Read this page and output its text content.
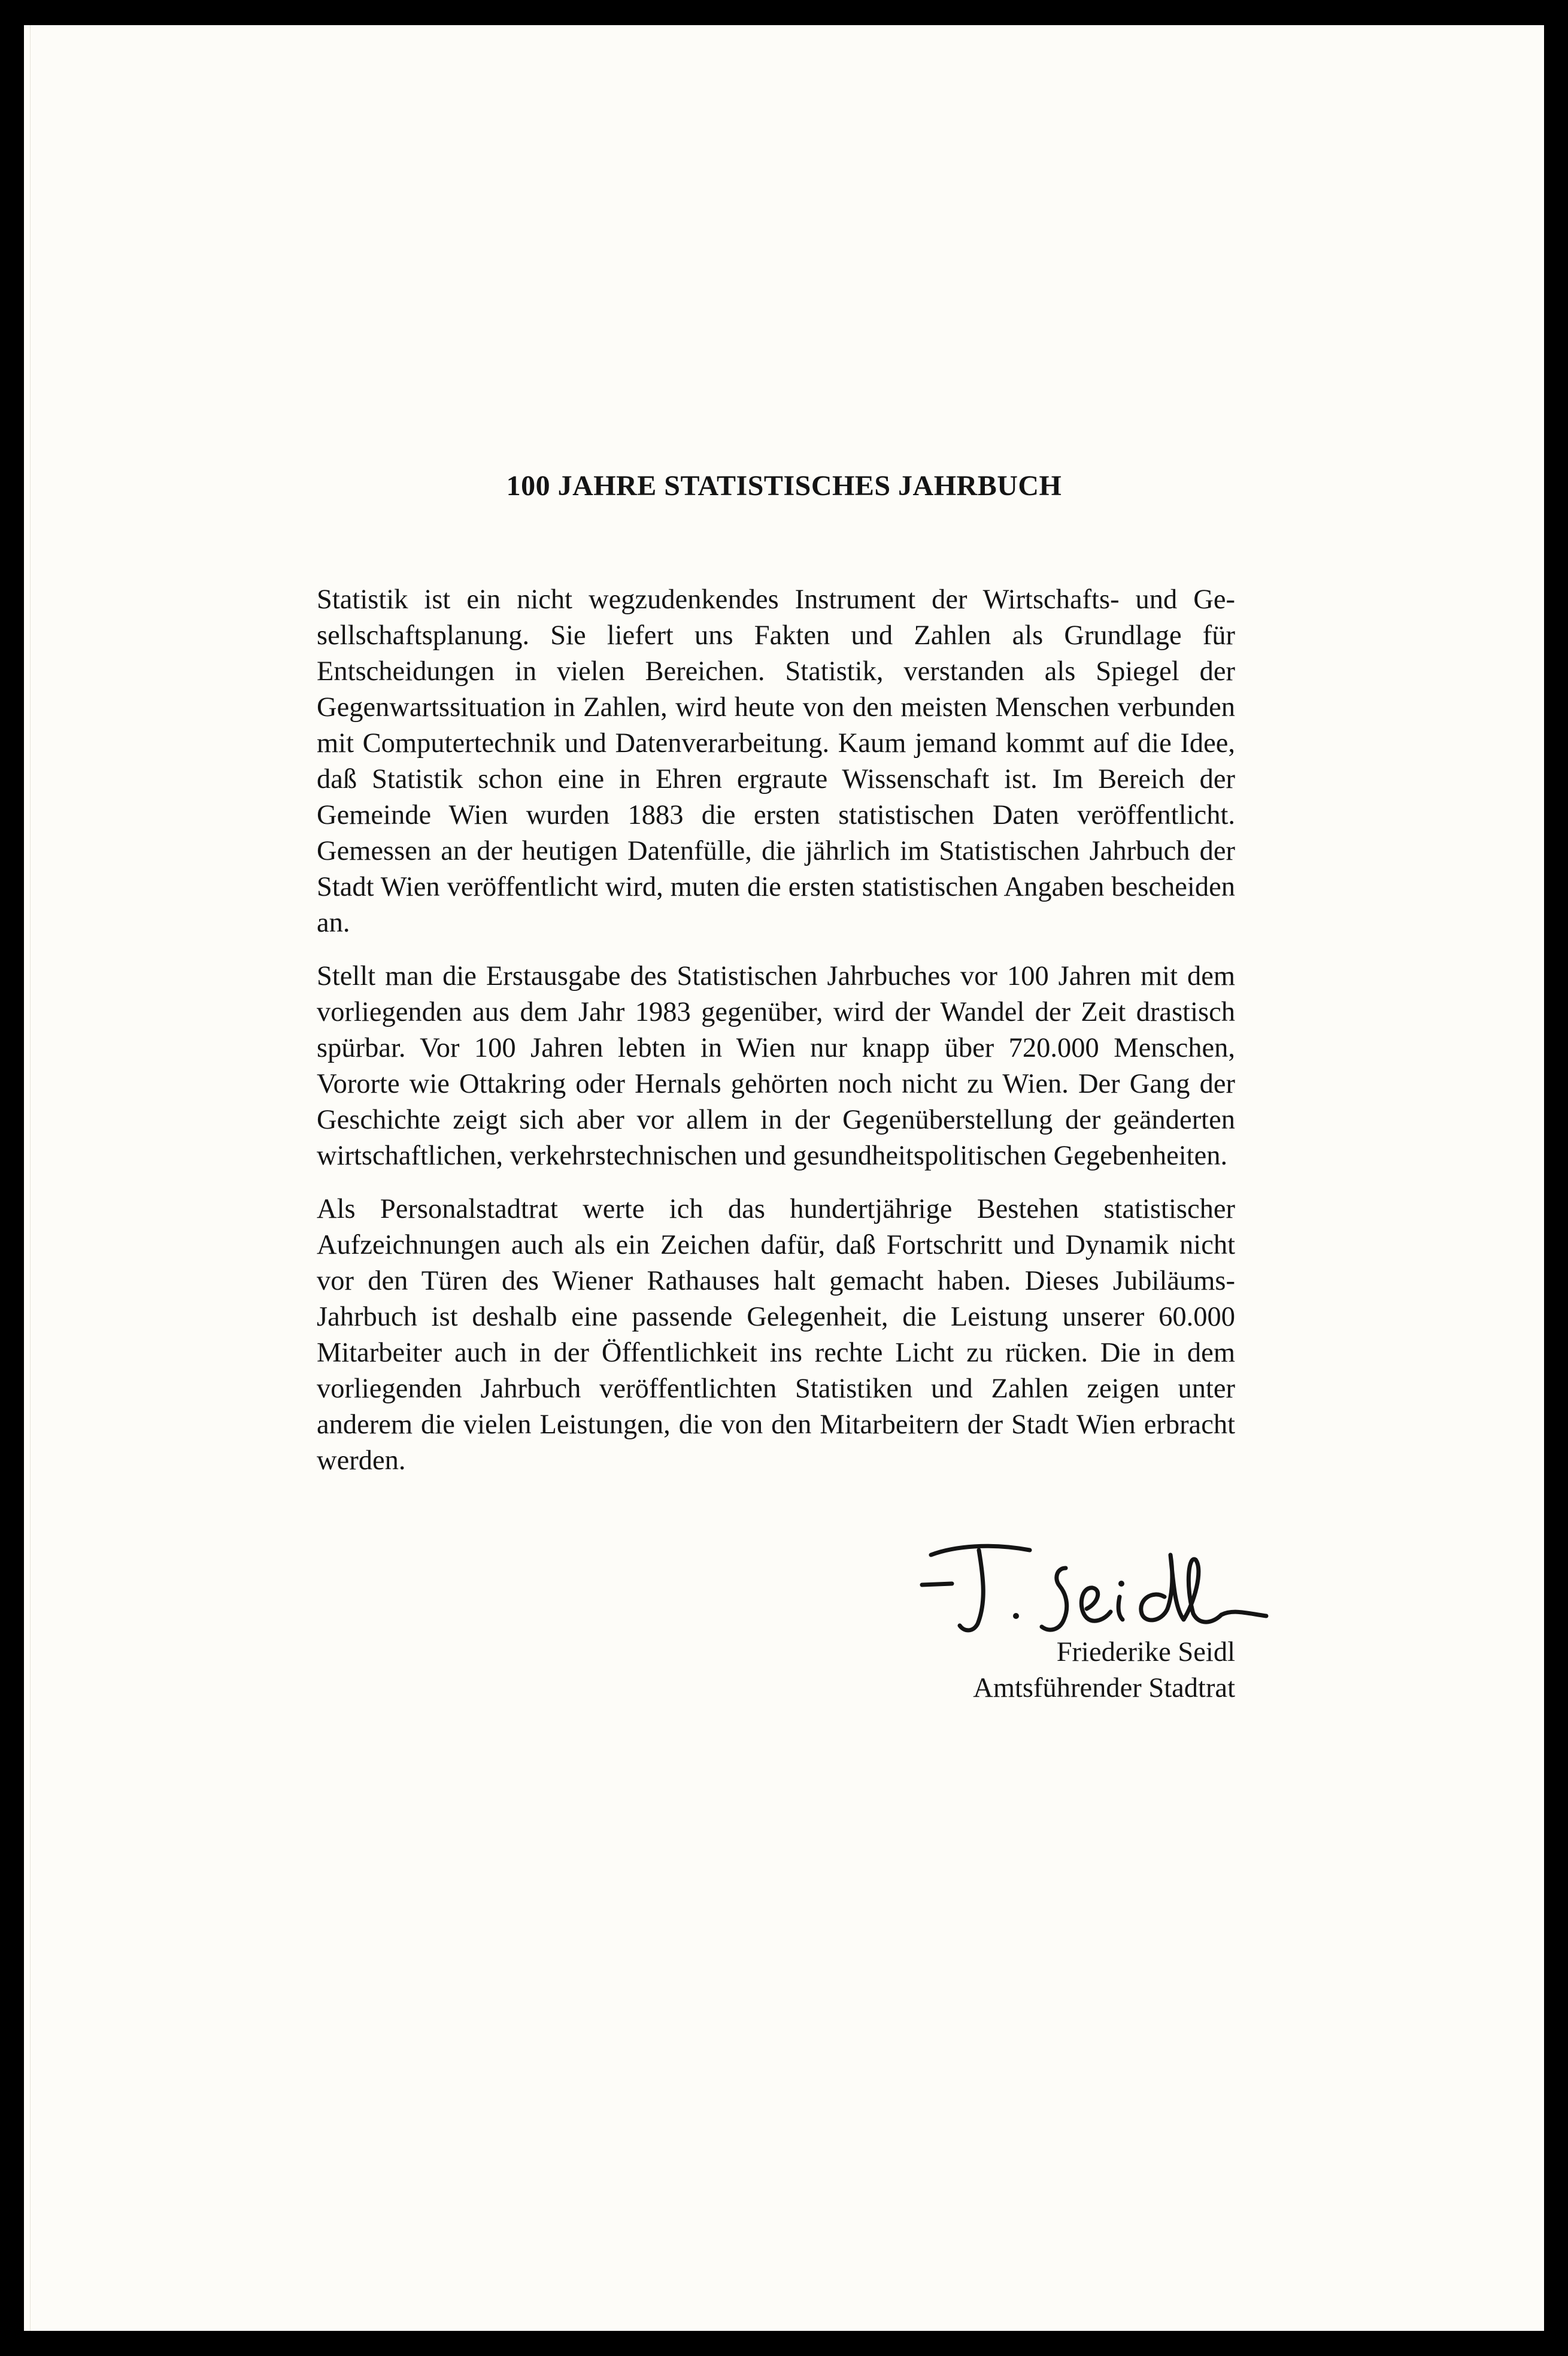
100 JAHRE STATISTISCHES JAHRBUCH

Statistik ist ein nicht wegzudenkendes Instrument der Wirtschafts- und Gesellschaftsplanung. Sie liefert uns Fakten und Zahlen als Grundlage für Entscheidungen in vielen Bereichen. Statistik, verstanden als Spiegel der Gegenwartssituation in Zahlen, wird heute von den meisten Menschen verbunden mit Computertechnik und Datenverarbeitung. Kaum jemand kommt auf die Idee, daß Statistik schon eine in Ehren ergraute Wissenschaft ist. Im Bereich der Gemeinde Wien wurden 1883 die ersten statistischen Daten veröffentlicht. Gemessen an der heutigen Datenfülle, die jährlich im Statistischen Jahrbuch der Stadt Wien veröffentlicht wird, muten die ersten statistischen Angaben bescheiden an.

Stellt man die Erstausgabe des Statistischen Jahrbuches vor 100 Jahren mit dem vorliegenden aus dem Jahr 1983 gegenüber, wird der Wandel der Zeit drastisch spürbar. Vor 100 Jahren lebten in Wien nur knapp über 720.000 Menschen, Vororte wie Ottakring oder Hernals gehörten noch nicht zu Wien. Der Gang der Geschichte zeigt sich aber vor allem in der Gegenüberstellung der geänderten wirtschaftlichen, verkehrstechnischen und gesundheitspolitischen Gegebenheiten.

Als Personalstadtrat werte ich das hundertjährige Bestehen statistischer Aufzeichnungen auch als ein Zeichen dafür, daß Fortschritt und Dynamik nicht vor den Türen des Wiener Rathauses halt gemacht haben. Dieses Jubiläums-Jahrbuch ist deshalb eine passende Gelegenheit, die Leistung unserer 60.000 Mitarbeiter auch in der Öffentlichkeit ins rechte Licht zu rücken. Die in dem vorliegenden Jahrbuch veröffentlichten Statistiken und Zahlen zeigen unter anderem die vielen Leistungen, die von den Mitarbeitern der Stadt Wien erbracht werden.

Friederike Seidl
Amtsführender Stadtrat
